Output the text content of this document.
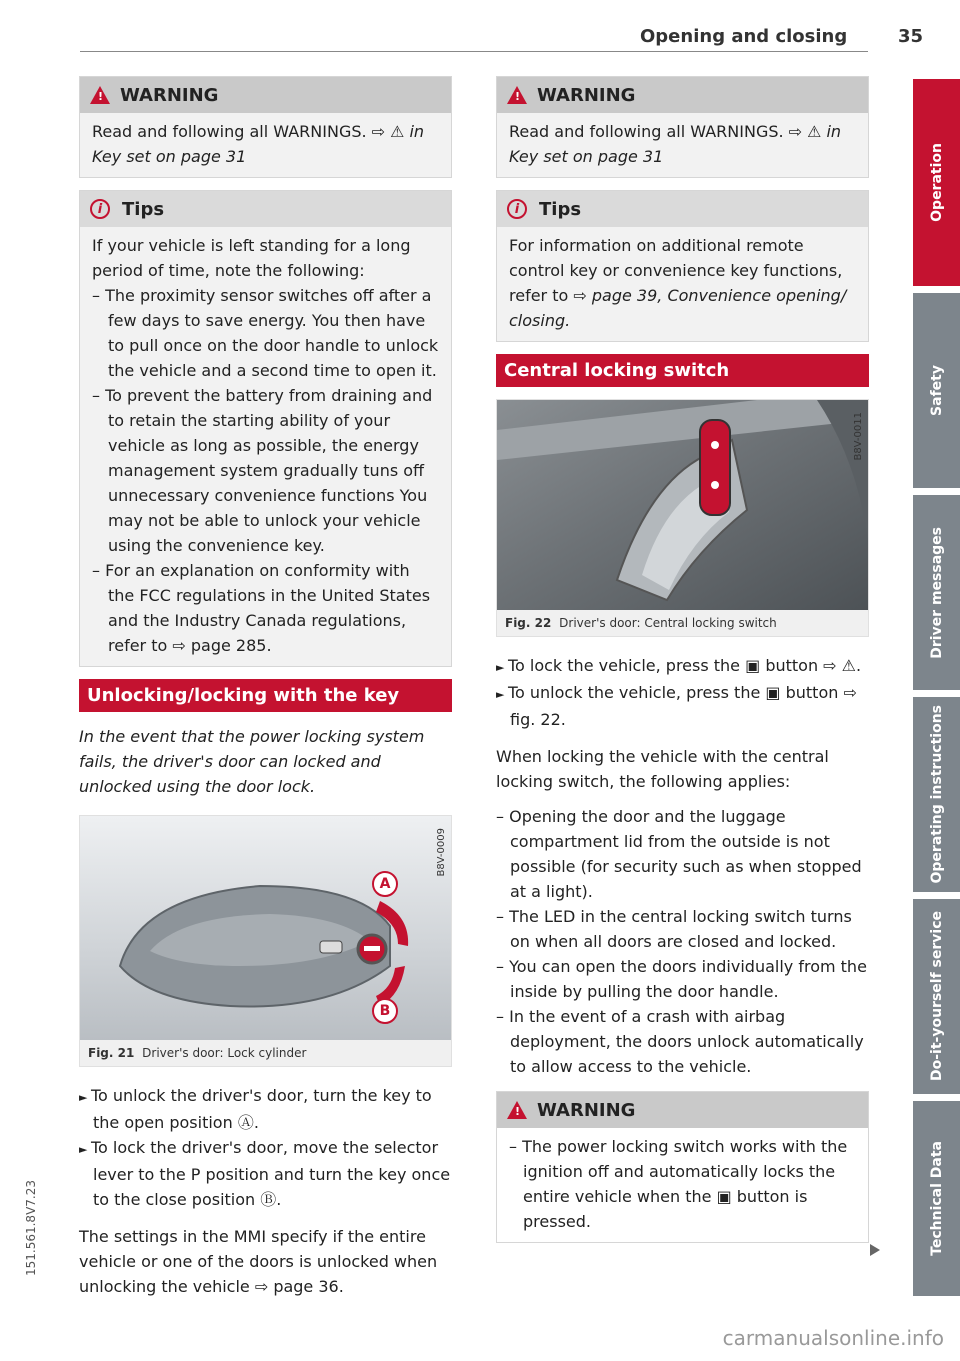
Opening and closing	35
!
WARNING
Read and following all WARNINGS. ⇨ ⚠ in Key set on page 31
i	Tips
If your vehicle is left standing for a long period of time, note the following:
– The proximity sensor switches off after a few days to save energy. You then have to pull once on the door handle to unlock the vehicle and a second time to open it.
– To prevent the battery from draining and to retain the starting ability of your vehicle as long as possible, the energy management system gradually tuns off unnecessary convenience functions You may not be able to unlock your vehicle using the convenience key.
– For an explanation on conformity with the FCC regulations in the United States and the Industry Canada regulations, refer to ⇨ page 285.
Unlocking/locking with the key

In the event that the power locking system fails, the driver's door can locked and unlocked using the door lock.

A
B
B8V-0009
Fig. 21 Driver's door: Lock cylinder
► To unlock the driver's door, turn the key to the open position Ⓐ.
► To lock the driver's door, move the selector lever to the P position and turn the key once to the close position Ⓑ.

The settings in the MMI specify if the entire vehicle or one of the doors is unlocked when unlocking the vehicle ⇨ page 36.

!
WARNING
Read and following all WARNINGS. ⇨ ⚠ in Key set on page 31
i	Tips
For information on additional remote control key or convenience key functions, refer to ⇨ page 39, Convenience opening/ closing.
Central locking switch
B8V-0011
Fig. 22 Driver's door: Central locking switch
► To lock the vehicle, press the ▣ button ⇨ ⚠.
► To unlock the vehicle, press the ▣ button ⇨ fig. 22.

When locking the vehicle with the central locking switch, the following applies:

– Opening the door and the luggage compartment lid from the outside is not possible (for security such as when stopped at a light).
– The LED in the central locking switch turns on when all doors are closed and locked.
– You can open the doors individually from the inside by pulling the door handle.
– In the event of a crash with airbag deployment, the doors unlock automatically to allow access to the vehicle.
!
WARNING
– The power locking switch works with the ignition off and automatically locks the entire vehicle when the ▣ button is pressed.
Operation
Safety
Driver messages
Operating instructions
Do-it-yourself service
Technical Data
151.561.8V7.23
carmanualsonline.info
